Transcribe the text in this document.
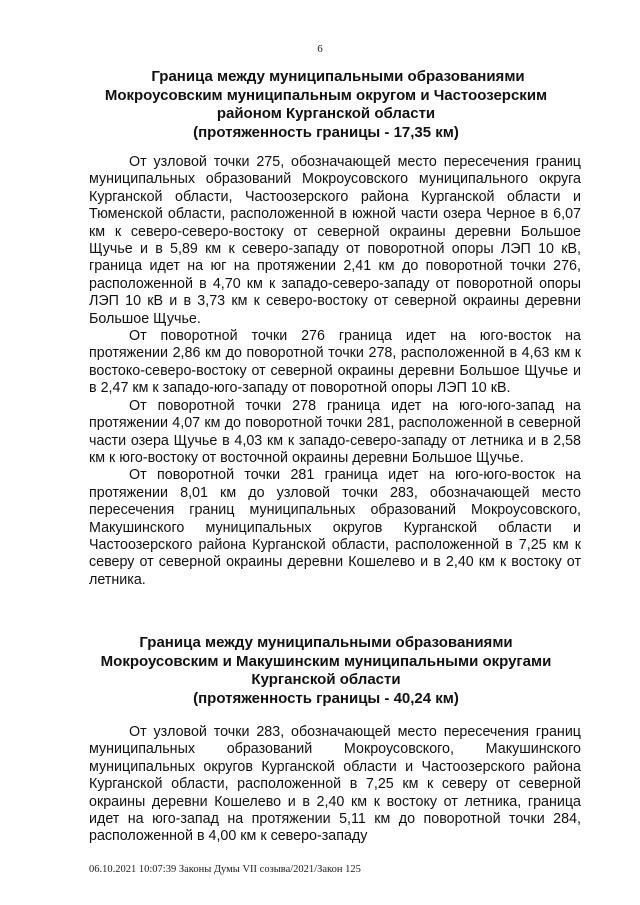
6
Граница между муниципальными образованиями
Мокроусовским муниципальным округом и Частоозерским
районом Курганской области
(протяженность границы - 17,35 км)

От узловой точки 275, обозначающей место пересечения границ муниципальных образований Мокроусовского муниципального округа Курганской области, Частоозерского района Курганской области и Тюменской области, расположенной в южной части озера Черное в 6,07 км к северо-северо-востоку от северной окраины деревни Большое Щучье и в 5,89 км к северо-западу от поворотной опоры ЛЭП 10 кВ, граница идет на юг на протяжении 2,41 км до поворотной точки 276, расположенной в 4,70 км к западо-северо-западу от поворотной опоры ЛЭП 10 кВ и в 3,73 км к северо-востоку от северной окраины деревни Большое Щучье.

От поворотной точки 276 граница идет на юго-восток на протяжении 2,86 км до поворотной точки 278, расположенной в 4,63 км к востоко-северо-востоку от северной окраины деревни Большое Щучье и в 2,47 км к западо-юго-западу от поворотной опоры ЛЭП 10 кВ.

От поворотной точки 278 граница идет на юго-юго-запад на протяжении 4,07 км до поворотной точки 281, расположенной в северной части озера Щучье в 4,03 км к западо-северо-западу от летника и в 2,58 км к юго-востоку от восточной окраины деревни Большое Щучье.

От поворотной точки 281 граница идет на юго-юго-восток на протяжении 8,01 км до узловой точки 283, обозначающей место пересечения границ муниципальных образований Мокроусовского, Макушинского муниципальных округов Курганской области и Частоозерского района Курганской области, расположенной в 7,25 км к северу от северной окраины деревни Кошелево и в 2,40 км к востоку от летника.

Граница между муниципальными образованиями
Мокроусовским и Макушинским муниципальными округами
Курганской области
(протяженность границы - 40,24 км)

От узловой точки 283, обозначающей место пересечения границ муниципальных образований Мокроусовского, Макушинского муниципальных округов Курганской области и Частоозерского района Курганской области, расположенной в 7,25 км к северу от северной окраины деревни Кошелево и в 2,40 км к востоку от летника, граница идет на юго-запад на протяжении 5,11 км до поворотной точки 284, расположенной в 4,00 км к северо-западу

06.10.2021 10:07:39 Законы Думы VII созыва/2021/Закон 125
